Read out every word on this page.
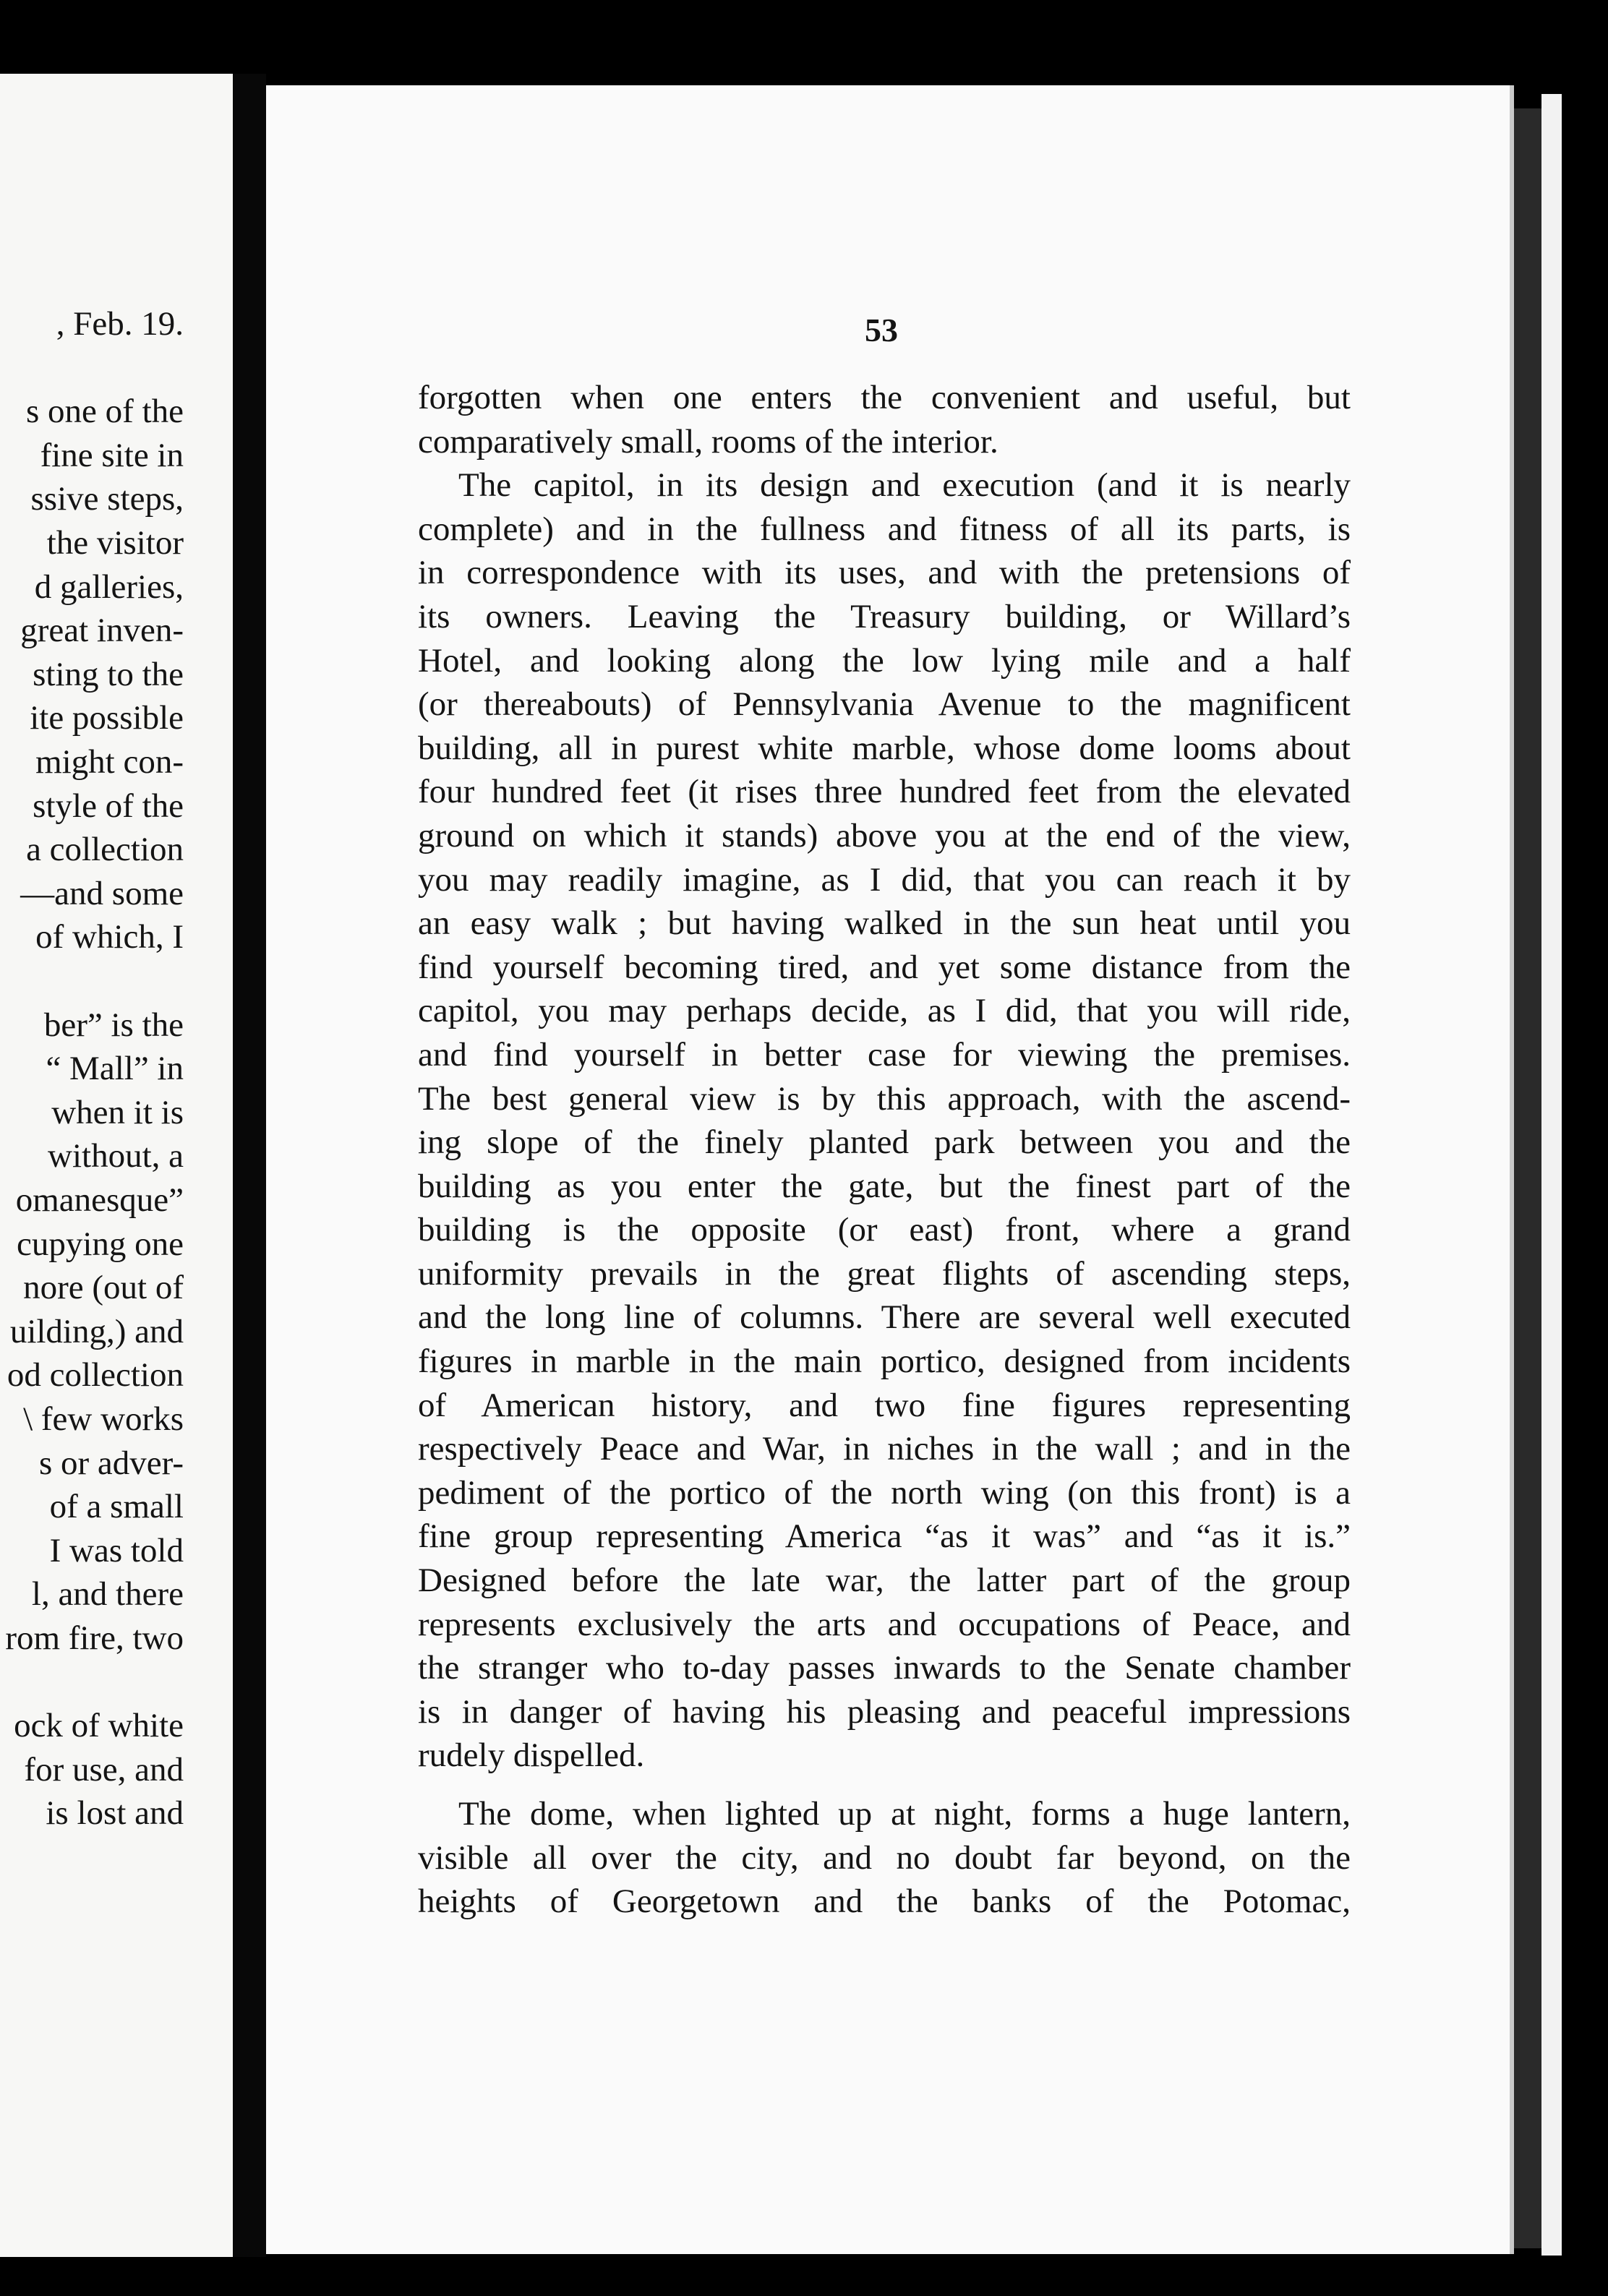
, Feb. 19.
s one of the
fine site in
ssive steps,
the visitor
d galleries,
great inven-
sting to the
ite possible
might con-
style of the
a collection
—and some
of which, I
ber” is the
“ Mall” in
when it is
without, a
omanesque”
cupying one
nore (out of
uilding,) and
od collection
\ few works
s or adver-
of a small
I was told
l, and there
rom fire, two
ock of white
for use, and
is lost and
53
forgotten when one enters the convenient and useful, but
comparatively small, rooms of the interior.
The capitol, in its design and execution (and it is nearly
complete) and in the fullness and fitness of all its parts, is
in correspondence with its uses, and with the pretensions of
its owners. Leaving the Treasury building, or Willard’s
Hotel, and looking along the low lying mile and a half
(or thereabouts) of Pennsylvania Avenue to the magnificent
building, all in purest white marble, whose dome looms about
four hundred feet (it rises three hundred feet from the elevated
ground on which it stands) above you at the end of the view,
you may readily imagine, as I did, that you can reach it by
an easy walk ; but having walked in the sun heat until you
find yourself becoming tired, and yet some distance from the
capitol, you may perhaps decide, as I did, that you will ride,
and find yourself in better case for viewing the premises.
The best general view is by this approach, with the ascend-
ing slope of the finely planted park between you and the
building as you enter the gate, but the finest part of the
building is the opposite (or east) front, where a grand
uniformity prevails in the great flights of ascending steps,
and the long line of columns. There are several well executed
figures in marble in the main portico, designed from incidents
of American history, and two fine figures representing
respectively Peace and War, in niches in the wall ; and in the
pediment of the portico of the north wing (on this front) is a
fine group representing America “as it was” and “as it is.”
Designed before the late war, the latter part of the group
represents exclusively the arts and occupations of Peace, and
the stranger who to-day passes inwards to the Senate chamber
is in danger of having his pleasing and peaceful impressions
rudely dispelled.
The dome, when lighted up at night, forms a huge lantern,
visible all over the city, and no doubt far beyond, on the
heights of Georgetown and the banks of the Potomac,
